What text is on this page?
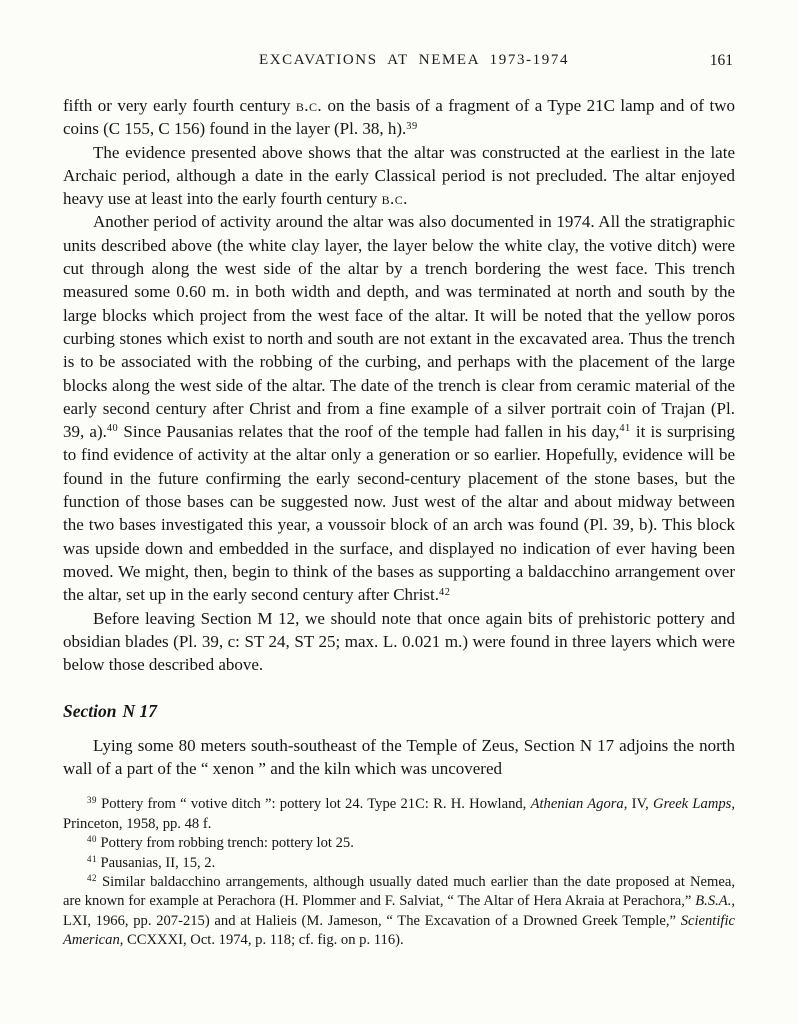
EXCAVATIONS AT NEMEA 1973-1974	161

fifth or very early fourth century b.c. on the basis of a fragment of a Type 21C lamp and of two coins (C 155, C 156) found in the layer (Pl. 38, h).$^{39}$

The evidence presented above shows that the altar was constructed at the earliest in the late Archaic period, although a date in the early Classical period is not precluded. The altar enjoyed heavy use at least into the early fourth century b.c.

Another period of activity around the altar was also documented in 1974. All the stratigraphic units described above (the white clay layer, the layer below the white clay, the votive ditch) were cut through along the west side of the altar by a trench bordering the west face. This trench measured some 0.60 m. in both width and depth, and was terminated at north and south by the large blocks which project from the west face of the altar. It will be noted that the yellow poros curbing stones which exist to north and south are not extant in the excavated area. Thus the trench is to be associated with the robbing of the curbing, and perhaps with the placement of the large blocks along the west side of the altar. The date of the trench is clear from ceramic material of the early second century after Christ and from a fine example of a silver portrait coin of Trajan (Pl. 39, a).$^{40}$ Since Pausanias relates that the roof of the temple had fallen in his day,$^{41}$ it is surprising to find evidence of activity at the altar only a generation or so earlier. Hopefully, evidence will be found in the future confirming the early second-century placement of the stone bases, but the function of those bases can be suggested now. Just west of the altar and about midway between the two bases investigated this year, a voussoir block of an arch was found (Pl. 39, b). This block was upside down and embedded in the surface, and displayed no indication of ever having been moved. We might, then, begin to think of the bases as supporting a baldacchino arrangement over the altar, set up in the early second century after Christ.$^{42}$

Before leaving Section M 12, we should note that once again bits of prehistoric pottery and obsidian blades (Pl. 39, c: ST 24, ST 25; max. L. 0.021 m.) were found in three layers which were below those described above.

Section N 17

Lying some 80 meters south-southeast of the Temple of Zeus, Section N 17 adjoins the north wall of a part of the “ xenon ” and the kiln which was uncovered

$^{39}$ Pottery from “ votive ditch ”: pottery lot 24. Type 21C: R. H. Howland, Athenian Agora, IV, Greek Lamps, Princeton, 1958, pp. 48 f.

$^{40}$ Pottery from robbing trench: pottery lot 25.

$^{41}$ Pausanias, II, 15, 2.

$^{42}$ Similar baldacchino arrangements, although usually dated much earlier than the date proposed at Nemea, are known for example at Perachora (H. Plommer and F. Salviat, “ The Altar of Hera Akraia at Perachora,” B.S.A., LXI, 1966, pp. 207-215) and at Halieis (M. Jameson, “ The Excavation of a Drowned Greek Temple,” Scientific American, CCXXXI, Oct. 1974, p. 118; cf. fig. on p. 116).
